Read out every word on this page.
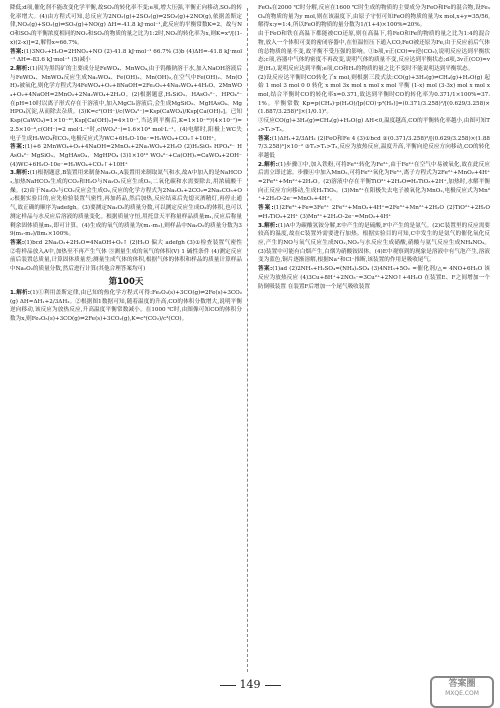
降低;d项,催化剂不能改变化学平衡,故SO₂的转化率不变;e项,增大压强,平衡正向移动,SO₂的转化率增大。(4)由方程式可知,总反应为2NO₂(g)+2SO₂(g)⇌2SO₃(g)+2NO(g),依据盖斯定律,NO₂(g)+SO₂(g)⇌SO₃(g)+NO(g) ΔH=-41.8 kJ·mol⁻¹,此反应的平衡常数K=2。故与NO和SO₃的平衡浓度相同的NO₂和SO₂的物质的量之比为1:2时,NO₂的转化率为x,则K=x²/[(1-x)(2-x)]=2,解得x≈66.7%。

答案:(1)3NO₂+H₂O=2HNO₃+NO (2)-41.8 kJ·mol⁻¹ 66.7% (3)b (4)ΔH=-41.8 kJ·mol⁻¹ ΔH=-83.6 kJ·mol⁻¹ (5)减小

2.解析:(1)因为黑钨矿的主要成分是FeWO₄、MnWO₄,由于钨酸钠溶于水,加入NaOH溶液后与FeWO₄、MnWO₄反应生成Na₂WO₄、Fe(OH)₂、Mn(OH)₂,在空气中Fe(OH)₂、Mn(OH)₂被氧化,则化学方程式为4FeWO₄+O₂+8NaOH=2Fe₂O₃+4Na₂WO₄+4H₂O、2MnWO₄+O₂+4NaOH=2MnO₂+2Na₂WO₄+2H₂O。(2)根据题意,H₂SiO₃、HAsO₃²⁻、HPO₄²⁻在pH=10时以离子形式存在于溶液中,加入MgCl₂溶液后,会生成MgSiO₃、MgHAsO₄、MgHPO₄沉淀,从而除去杂质。(3)K=c²(OH⁻)/c(WO₄²⁻)=Ksp(CaWO₄)/Ksp[Ca(OH)₂]。已知Ksp(CaWO₄)=1×10⁻¹⁰,Ksp[Ca(OH)₂]=4×10⁻⁷,当达到平衡后,K=1×10⁻¹⁰/(4×10⁻⁷)=2.5×10⁻⁴,c(OH⁻)=2 mol·L⁻¹时,c(WO₄²⁻)=1.6×10⁴ mol·L⁻¹。(4)电解时,阳极上WC失电子生成H₂WO₄和CO₂,电极反应式为WC+6H₂O-10e⁻=H₂WO₄+CO₂↑+10H⁺。

答案:(1)+6 2MnWO₄+O₂+4NaOH=2MnO₂+2Na₂WO₄+2H₂O (2)H₂SiO₃ HPO₄²⁻ HAsO₄²⁻ MgSiO₃、MgHAsO₄、MgHPO₄ (3)1×10¹⁰ WO₄²⁻+Ca(OH)₂=CaWO₄+2OH⁻ (4)WC+6H₂O-10e⁻=H₂WO₄+CO₂↑+10H⁺

3.解析:(1)根据题意,B装置用来制备Na₂O₂,A装置用来制取氮气和水,故A中加入的是NaHCO₃,加热NaHCO₃生成的CO₂和H₂O与Na₂O₂反应生成O₂,二氧化碳和水需要除去,用浓硫酸干燥。(2)由于Na₂O₂与CO₂反应会生成O₂,反应的化学方程式为2Na₂O₂+2CO₂=2Na₂CO₃+O₂;根据实验目的,应先检验装置气密性,再加药品,然后加热,反应结束后先熄灭酒精灯,再停止通气,故正确的顺序为adefgh。(3)要测定Na₂O₂的质量分数,可以测定反应生成O₂的体积,也可以测定样品与水反应后溶液的质量变化。根据质量守恒,用托盘天平称量样品质量m₁,反应后称量剩余固体质量m₂,即可计算。(4)生成的氧气的质量为(m₁-m₂),则样品中Na₂O₂的质量分数为39(m₁-m₂)/8m₁×100%。

答案:(1)bcd 2Na₂O₂+2H₂O=4NaOH+O₂↑ (2)H₂O 偏大 adefgh (3)①检查装置气密性 ②将样品放入A中,加热至不再产生气体 ③测量生成的氧气的体积(V) 1 碱性条件 (4)测定反应前后装置总质量,计算固体质量差;测量生成气体的体积,根据气体的体积和样品的质量计算样品中Na₂O₂的质量分数,然后进行计算(其他合理答案均可)

第100天

1.解析:(1)①利用盖斯定律,由已知的热化学方程式可得:Fe₂O₃(s)+3CO(g)⇌2Fe(s)+3CO₂(g) ΔH=ΔH₁+2/3ΔH₂。②根据图1数据可知,随着温度的升高,CO的体积分数增大,说明平衡逆向移动,该反应为放热反应,升高温度平衡常数减小。在1000 ℃时,由图像可知CO的体积分数为x,则Fe₂O₃(s)+3CO(g)⇌2Fe(s)+3CO₂(g),K=c³(CO₂)/c³(CO)。

FeO₄在2000 ℃时分解,反应在1600 ℃时生成的物质的主要成分为FeO和Fe的混合物,设Fe₃O₄的物质的量为y mol,则在该温度下,由原子守恒可知FeO的物质的量为x mol,x+y=35/56,解得x:y=1:4,所以FeO的物质的量分数为1/(1+4)×100%=20%。

由于FeO和铁在高温下都能被CO还原,则在高温下,将FeO和Fe的物质的量之比为1:4的混合物,放入一个体积可变的密闭容器中,在恒温恒压下通入CO,FeO被还原为Fe,由于反应前后气体的总物质的量不变,故平衡不受压强的影响。①b项,v正(CO)=v逆(CO₂),说明反应达到平衡状态;c项,容器中气体的密度不再改变,说明气体的质量不变,反应达到平衡状态;d项,3v正(CO)=v逆(H₂),说明反应达到平衡;e项,CO和H₂的物质的量之比不变时不能说明达到平衡状态。

(2)设反应达平衡时CO转化了x mol,则根据三段式法:CO(g)+3H₂(g)⇌CH₄(g)+H₂O(g) 起始 1 mol 3 mol 0 0 转化 x mol 3x mol x mol x mol 平衡 (1-x) mol (3-3x) mol x mol x mol,结合平衡时CO的转化率x=0.371,故达到平衡时CO的转化率为0.371/1×100%=37.1%。平衡常数 Kp=p(CH₄)·p(H₂O)/[p(CO)·p³(H₂)]=(0.371/3.258)²/[(0.629/3.258)×(1.887/3.258)³]×(1/0.1)²。

③反应CO(g)+3H₂(g)⇌CH₄(g)+H₂O(g) ΔH<0,温度越高,CO的平衡转化率越小,由图可知T₂>T₁>T₃。

答案:(1)ΔH₁+2/3ΔH₂ (2)FeO和Fe 4 (3)①bcd ②(0.371/3.258)²/[(0.629/3.258)×(1.887/3.258)³]×10⁻² ③T₂>T₁>T₃,反应为放热反应,温度升高,平衡向逆反应方向移动,CO的转化率越低

2.解析:(1)步骤①中,加入铁粉,可将Fe³⁺转化为Fe²⁺,由于Fe²⁺在空气中易被氧化,故在此反应后需立即过滤。步骤④中加入MnO₂,可将Fe²⁺氧化为Fe³⁺,离子方程式为2Fe²⁺+MnO₂+4H⁺=2Fe³⁺+Mn²⁺+2H₂O。(2)溶液中存在平衡TiO²⁺+2H₂O⇌H₂TiO₃+2H⁺,加热时,水解平衡向正反应方向移动,生成H₂TiO₃。(3)Mn²⁺在阳极失去电子被氧化为MnO₂,电极反应式为Mn²⁺+2H₂O-2e⁻=MnO₂+4H⁺。

答案:(1)2Fe³⁺+Fe=3Fe²⁺ 2Fe²⁺+MnO₂+4H⁺=2Fe³⁺+Mn²⁺+2H₂O (2)TiO²⁺+2H₂O⇌H₂TiO₃+2H⁺ (3)Mn²⁺+2H₂O-2e⁻=MnO₂+4H⁺

3.解析:(1)A中为碳酸氢铵分解,E中产生的是硫酸,F中产生的是氨气。(2)C装置里的反应需要较高的温度,故在C装置外需要进行加热。根据实验目的可知,C中发生的是氨气的催化氧化反应,产生的NO与氧气反应生成NO₂,NO₂与水反应生成硝酸,硝酸与氨气反应生成NH₄NO₃。(3)装置中可能有白烟产生,白烟为硝酸铵固体。(4)E中观察到的现象是溶液中有气泡产生,溶液变为蓝色,铜片逐渐溶解,根据Na⁺和Cl⁻推断,该装置的作用是吸收尾气。

答案:(1)ad (2)2NH₃+H₂SO₄=(NH₄)₂SO₄ (3)4NH₃+5O₂ =催化剂/△= 4NO+6H₂O 该反应为放热反应 (4)3Cu+8H⁺+2NO₃⁻=3Cu²⁺+2NO↑+4H₂O 在装置E、F之间增加一个防倒吸装置 在装置F后增加一个尾气吸收装置

149	答案圈
MXQE.COM
